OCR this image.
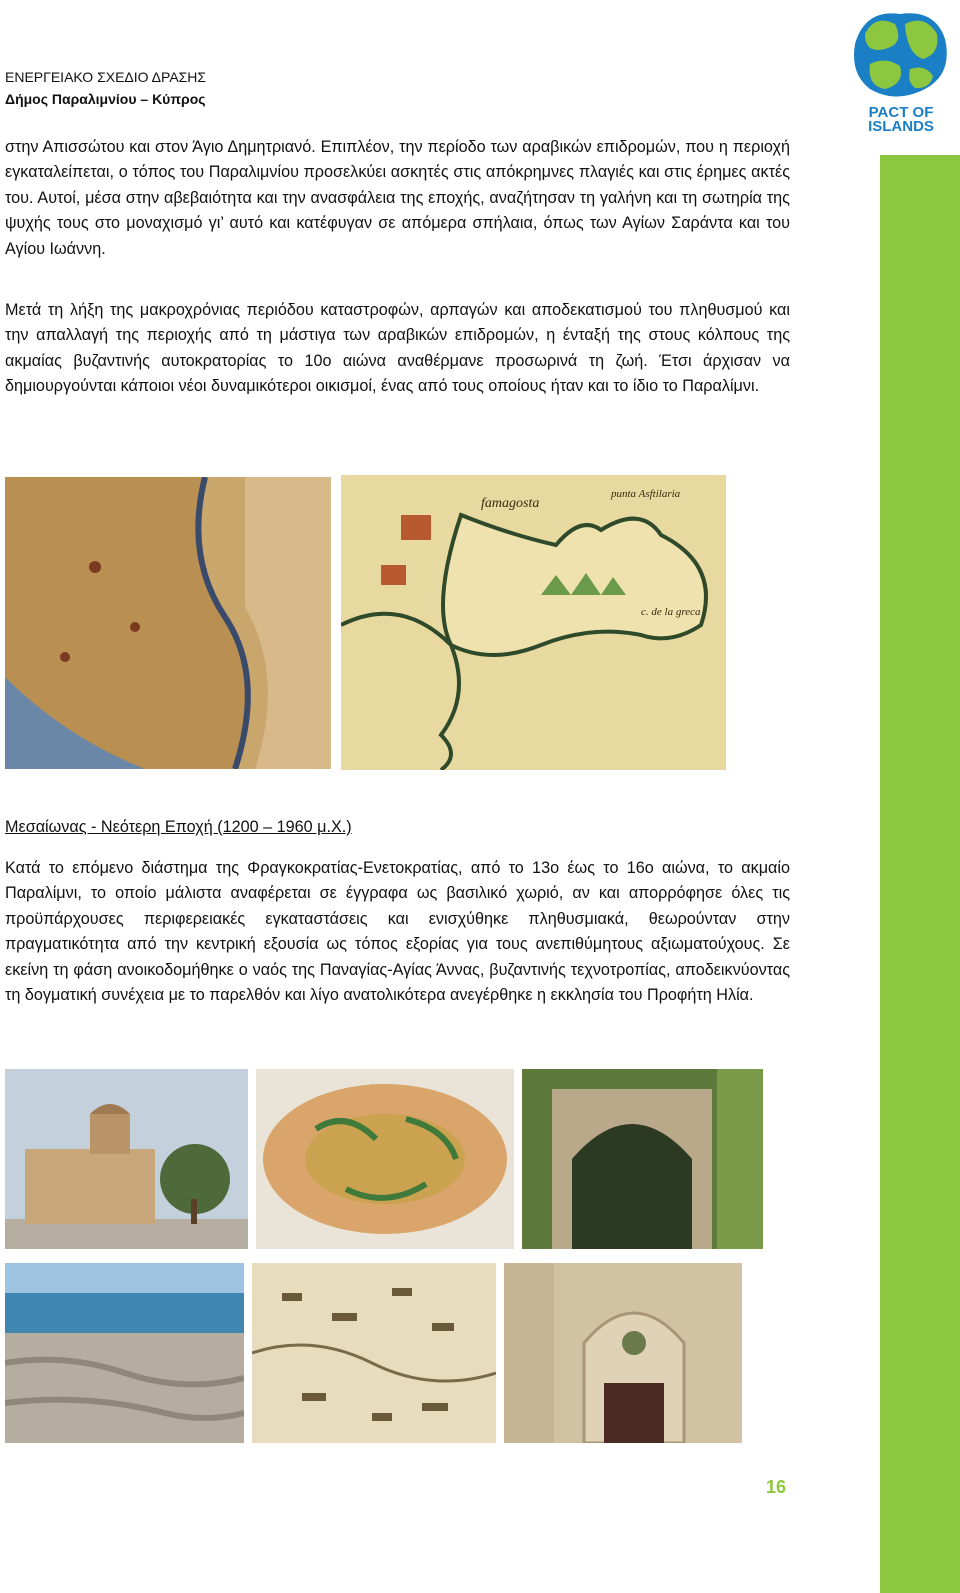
PACT OF
ISLANDS
ΕΝΕΡΓΕΙΑΚΟ ΣΧΕΔΙΟ ΔΡΑΣΗΣ
Δήμος Παραλιμνίου – Κύπρος

στην Απισσώτου και στον Άγιο Δημητριανό. Επιπλέον, την περίοδο των αραβικών επιδρομών, που η περιοχή εγκαταλείπεται, ο τόπος του Παραλιμνίου προσελκύει ασκητές στις απόκρημνες πλαγιές και στις έρημες ακτές του. Αυτοί, μέσα στην αβεβαιότητα και την ανασφάλεια της εποχής, αναζήτησαν τη γαλήνη και τη σωτηρία της ψυχής τους στο μοναχισμό γι’ αυτό και κατέφυγαν σε απόμερα σπήλαια, όπως των Αγίων Σαράντα και του Αγίου Ιωάννη.

Μετά τη λήξη της μακροχρόνιας περιόδου καταστροφών, αρπαγών και αποδεκατισμού του πληθυσμού και την απαλλαγή της περιοχής από τη μάστιγα των αραβικών επιδρομών, η ένταξή της στους κόλπους της ακμαίας βυζαντινής αυτοκρατορίας το 10ο αιώνα αναθέρμανε προσωρινά τη ζωή. Έτσι άρχισαν να δημιουργούνται κάποιοι νέοι δυναμικότεροι οικισμοί, ένας από τους οποίους ήταν και το ίδιο το Παραλίμνι.

famagosta
punta Asftilaria
c. de la greca
Μεσαίωνας - Νεότερη Εποχή (1200 – 1960 μ.Χ.)

Κατά το επόμενο διάστημα της Φραγκοκρατίας-Ενετοκρατίας, από το 13ο έως το 16ο αιώνα, το ακμαίο Παραλίμνι, το οποίο μάλιστα αναφέρεται σε έγγραφα ως βασιλικό χωριό, αν και απορρόφησε όλες τις προϋπάρχουσες περιφερειακές εγκαταστάσεις και ενισχύθηκε πληθυσμιακά, θεωρούνταν στην πραγματικότητα από την κεντρική εξουσία ως τόπος εξορίας για τους ανεπιθύμητους αξιωματούχους. Σε εκείνη τη φάση ανοικοδομήθηκε ο ναός της Παναγίας-Αγίας Άννας, βυζαντινής τεχνοτροπίας, αποδεικνύοντας τη δογματική συνέχεια με το παρελθόν και λίγο ανατολικότερα ανεγέρθηκε η εκκλησία του Προφήτη Ηλία.

16
